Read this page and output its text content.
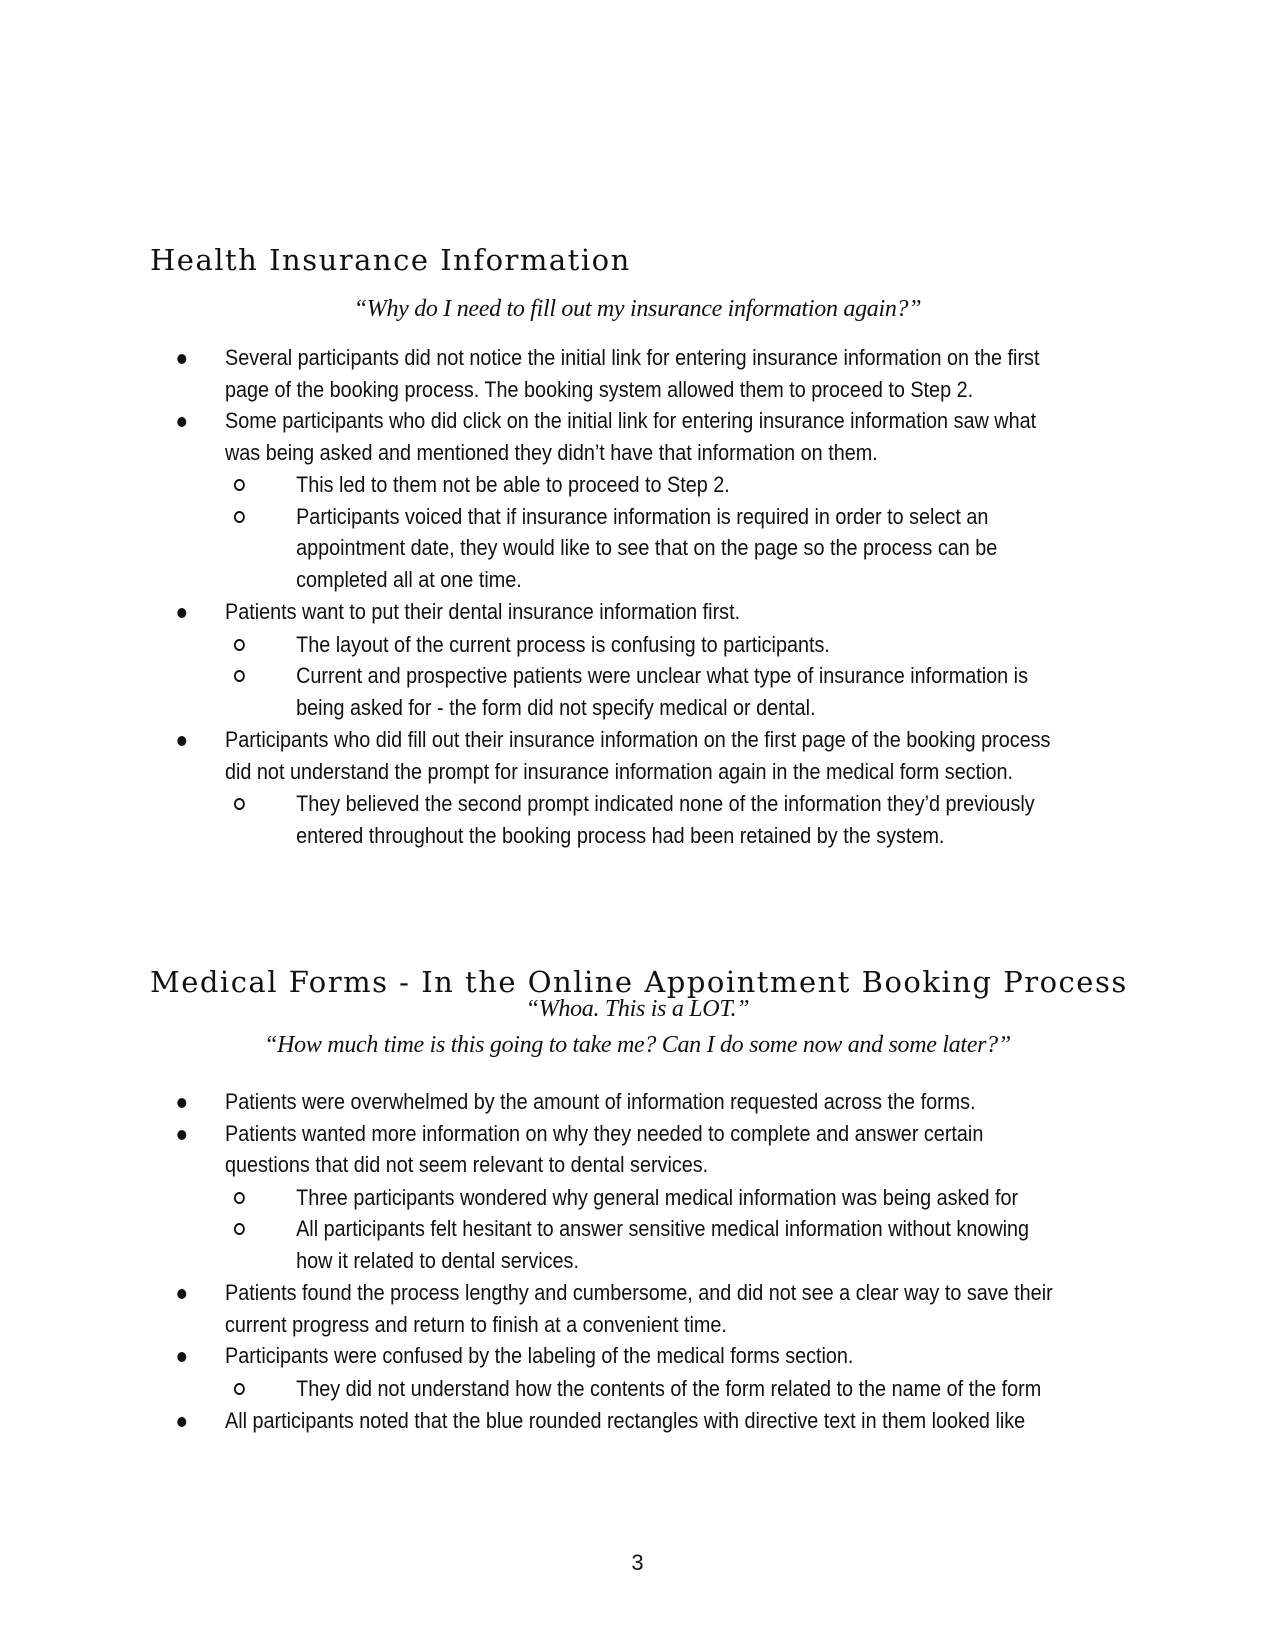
Health Insurance Information

“Why do I need to fill out my insurance information again?”

Several participants did not notice the initial link for entering insurance information on the first page of the booking process. The booking system allowed them to proceed to Step 2.
Some participants who did click on the initial link for entering insurance information saw what was being asked and mentioned they didn’t have that information on them.
This led to them not be able to proceed to Step 2.
Participants voiced that if insurance information is required in order to select an appointment date, they would like to see that on the page so the process can be completed all at one time.
Patients want to put their dental insurance information first.
The layout of the current process is confusing to participants.
Current and prospective patients were unclear what type of insurance information is being asked for - the form did not specify medical or dental.
Participants who did fill out their insurance information on the first page of the booking process did not understand the prompt for insurance information again in the medical form section.
They believed the second prompt indicated none of the information they’d previously entered throughout the booking process had been retained by the system.
Medical Forms - In the Online Appointment Booking Process

“Whoa. This is a LOT.”

“How much time is this going to take me? Can I do some now and some later?”

Patients were overwhelmed by the amount of information requested across the forms.
Patients wanted more information on why they needed to complete and answer certain questions that did not seem relevant to dental services.
Three participants wondered why general medical information was being asked for
All participants felt hesitant to answer sensitive medical information without knowing how it related to dental services.
Patients found the process lengthy and cumbersome, and did not see a clear way to save their current progress and return to finish at a convenient time.
Participants were confused by the labeling of the medical forms section.
They did not understand how the contents of the form related to the name of the form
All participants noted that the blue rounded rectangles with directive text in them looked like
3
